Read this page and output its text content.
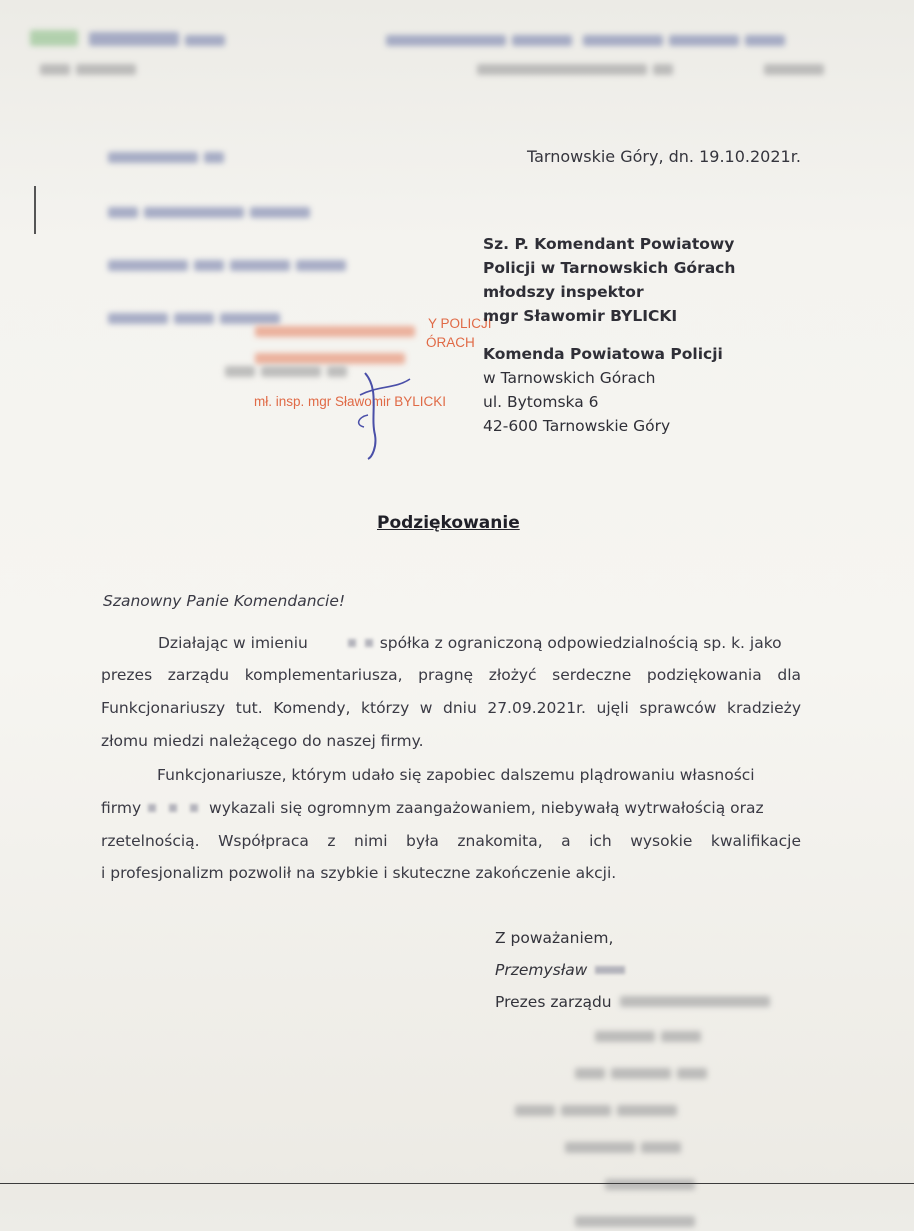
Y POLICJI
ÓRACH
mł. insp. mgr Sławomir BYLICKI
Tarnowskie Góry, dn. 19.10.2021r.
Sz. P. Komendant Powiatowy
Policji w Tarnowskich Górach
młodszy inspektor
mgr Sławomir BYLICKI
Komenda Powiatowa Policji
w Tarnowskich Górach
ul. Bytomska 6
42-600 Tarnowskie Góry
Podziękowanie
Szanowny Panie Komendancie!
Działając w imieniu	spółka z ograniczoną odpowiedzialnością sp. k. jako
prezes zarządu komplementariusza, pragnę złożyć serdeczne podziękowania dla
Funkcjonariuszy tut. Komendy, którzy w dniu 27.09.2021r. ujęli sprawców kradzieży
złomu miedzi należącego do naszej firmy.
Funkcjonariusze, którym udało się zapobiec dalszemu plądrowaniu własności
firmy	wykazali się ogromnym zaangażowaniem, niebywałą wytrwałością oraz
rzetelnością. Współpraca z nimi była znakomita, a ich wysokie kwalifikacje
i profesjonalizm pozwolił na szybkie i skuteczne zakończenie akcji.
Z poważaniem,
Przemysław
Prezes zarządu
